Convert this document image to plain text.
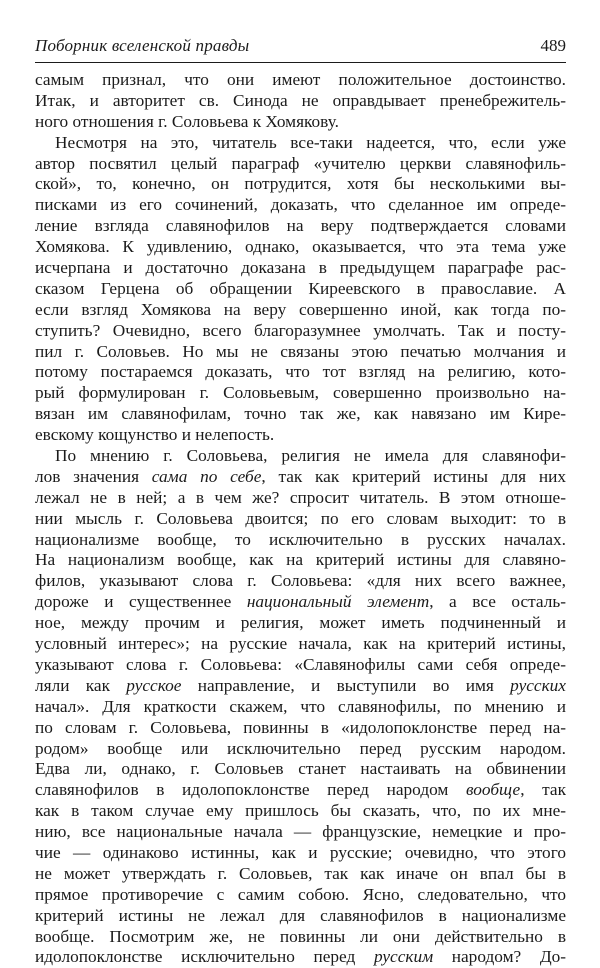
Поборник вселенской правды	489
самым признал, что они имеют положительное достоинство.
Итак, и авторитет св. Синода не оправдывает пренебрежитель-
ного отношения г. Соловьева к Хомякову.
Несмотря на это, читатель все-таки надеется, что, если уже
автор посвятил целый параграф «учителю церкви славянофиль-
ской», то, конечно, он потрудится, хотя бы несколькими вы-
писками из его сочинений, доказать, что сделанное им опреде-
ление взгляда славянофилов на веру подтверждается словами
Хомякова. К удивлению, однако, оказывается, что эта тема уже
исчерпана и достаточно доказана в предыдущем параграфе рас-
сказом Герцена об обращении Киреевского в православие. А
если взгляд Хомякова на веру совершенно иной, как тогда по-
ступить? Очевидно, всего благоразумнее умолчать. Так и посту-
пил г. Соловьев. Но мы не связаны этою печатью молчания и
потому постараемся доказать, что тот взгляд на религию, кото-
рый формулирован г. Соловьевым, совершенно произвольно на-
вязан им славянофилам, точно так же, как навязано им Кире-
евскому кощунство и нелепость.
По мнению г. Соловьева, религия не имела для славянофи-
лов значения сама по себе, так как критерий истины для них
лежал не в ней; а в чем же? спросит читатель. В этом отноше-
нии мысль г. Соловьева двоится; по его словам выходит: то в
национализме вообще, то исключительно в русских началах.
На национализм вообще, как на критерий истины для славяно-
филов, указывают слова г. Соловьева: «для них всего важнее,
дороже и существеннее национальный элемент, а все осталь-
ное, между прочим и религия, может иметь подчиненный и
условный интерес»; на русские начала, как на критерий истины,
указывают слова г. Соловьева: «Славянофилы сами себя опреде-
ляли как русское направление, и выступили во имя русских
начал». Для краткости скажем, что славянофилы, по мнению и
по словам г. Соловьева, повинны в «идолопоклонстве перед на-
родом» вообще или исключительно перед русским народом.
Едва ли, однако, г. Соловьев станет настаивать на обвинении
славянофилов в идолопоклонстве перед народом вообще, так
как в таком случае ему пришлось бы сказать, что, по их мне-
нию, все национальные начала — французские, немецкие и про-
чие — одинаково истинны, как и русские; очевидно, что этого
не может утверждать г. Соловьев, так как иначе он впал бы в
прямое противоречие с самим собою. Ясно, следовательно, что
критерий истины не лежал для славянофилов в национализме
вообще. Посмотрим же, не повинны ли они действительно в
идолопоклонстве исключительно перед русским народом? До-
